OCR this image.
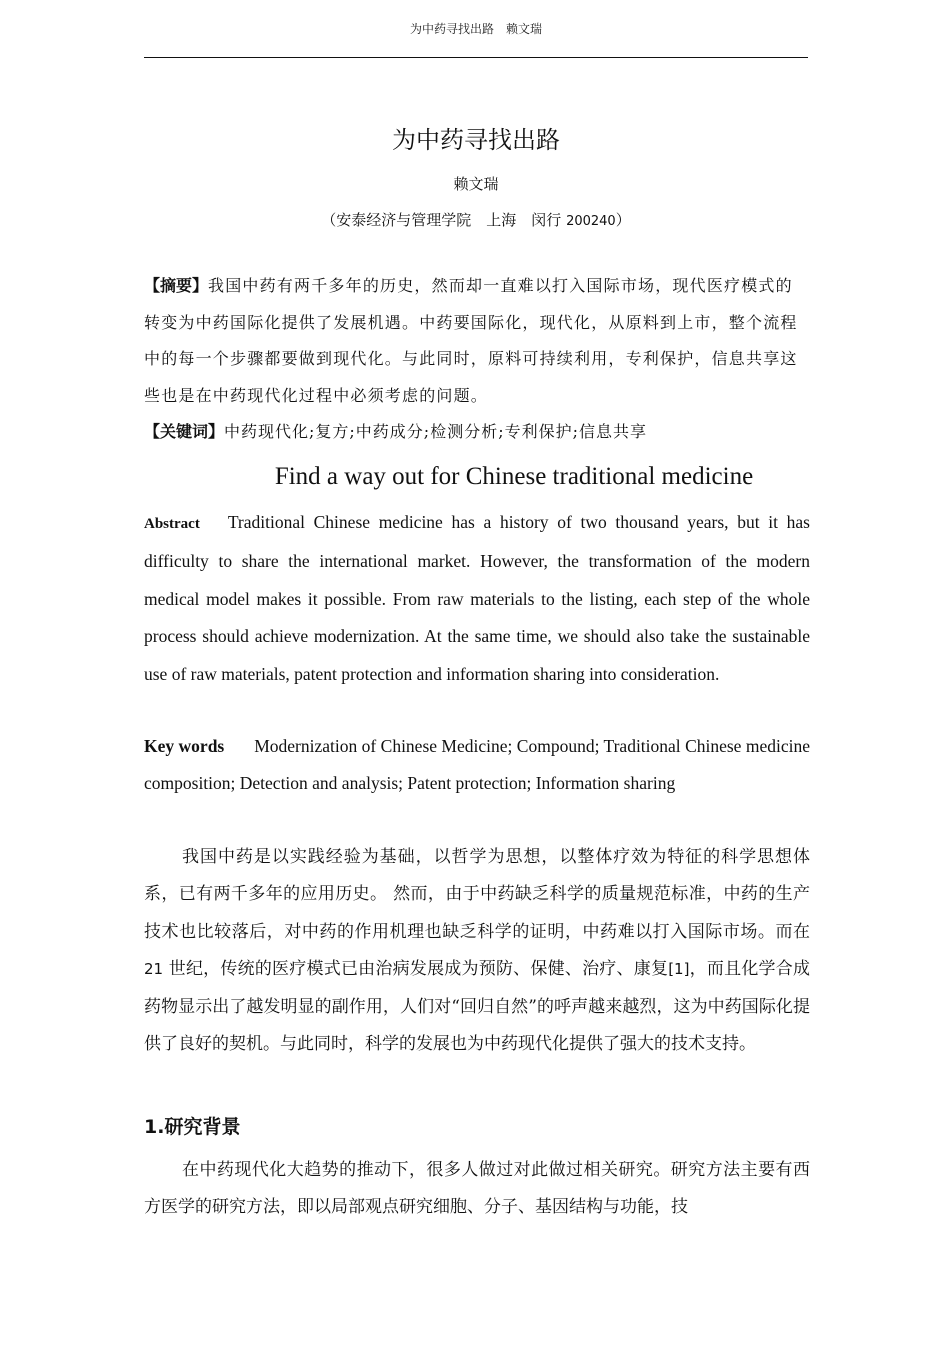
为中药寻找出路　赖文瑞
为中药寻找出路
赖文瑞
（安泰经济与管理学院　上海　闵行 200240）
【摘要】我国中药有两千多年的历史，然而却一直难以打入国际市场，现代医疗模式的转变为中药国际化提供了发展机遇。中药要国际化，现代化，从原料到上市，整个流程中的每一个步骤都要做到现代化。与此同时，原料可持续利用，专利保护，信息共享这些也是在中药现代化过程中必须考虑的问题。
【关键词】中药现代化;复方;中药成分;检测分析;专利保护;信息共享
Find a way out for Chinese traditional medicine
Abstract Traditional Chinese medicine has a history of two thousand years, but it has difficulty to share the international market. However, the transformation of the modern medical model makes it possible. From raw materials to the listing, each step of the whole process should achieve modernization. At the same time, we should also take the sustainable use of raw materials, patent protection and information sharing into consideration.
Key words Modernization of Chinese Medicine; Compound; Traditional Chinese medicine composition; Detection and analysis; Patent protection; Information sharing
我国中药是以实践经验为基础，以哲学为思想，以整体疗效为特征的科学思想体系，已有两千多年的应用历史。 然而，由于中药缺乏科学的质量规范标准，中药的生产技术也比较落后，对中药的作用机理也缺乏科学的证明，中药难以打入国际市场。而在 21 世纪，传统的医疗模式已由治病发展成为预防、保健、治疗、康复[1]，而且化学合成药物显示出了越发明显的副作用，人们对“回归自然”的呼声越来越烈，这为中药国际化提供了良好的契机。与此同时，科学的发展也为中药现代化提供了强大的技术支持。
1.研究背景
在中药现代化大趋势的推动下，很多人做过对此做过相关研究。研究方法主要有西方医学的研究方法，即以局部观点研究细胞、分子、基因结构与功能，技
